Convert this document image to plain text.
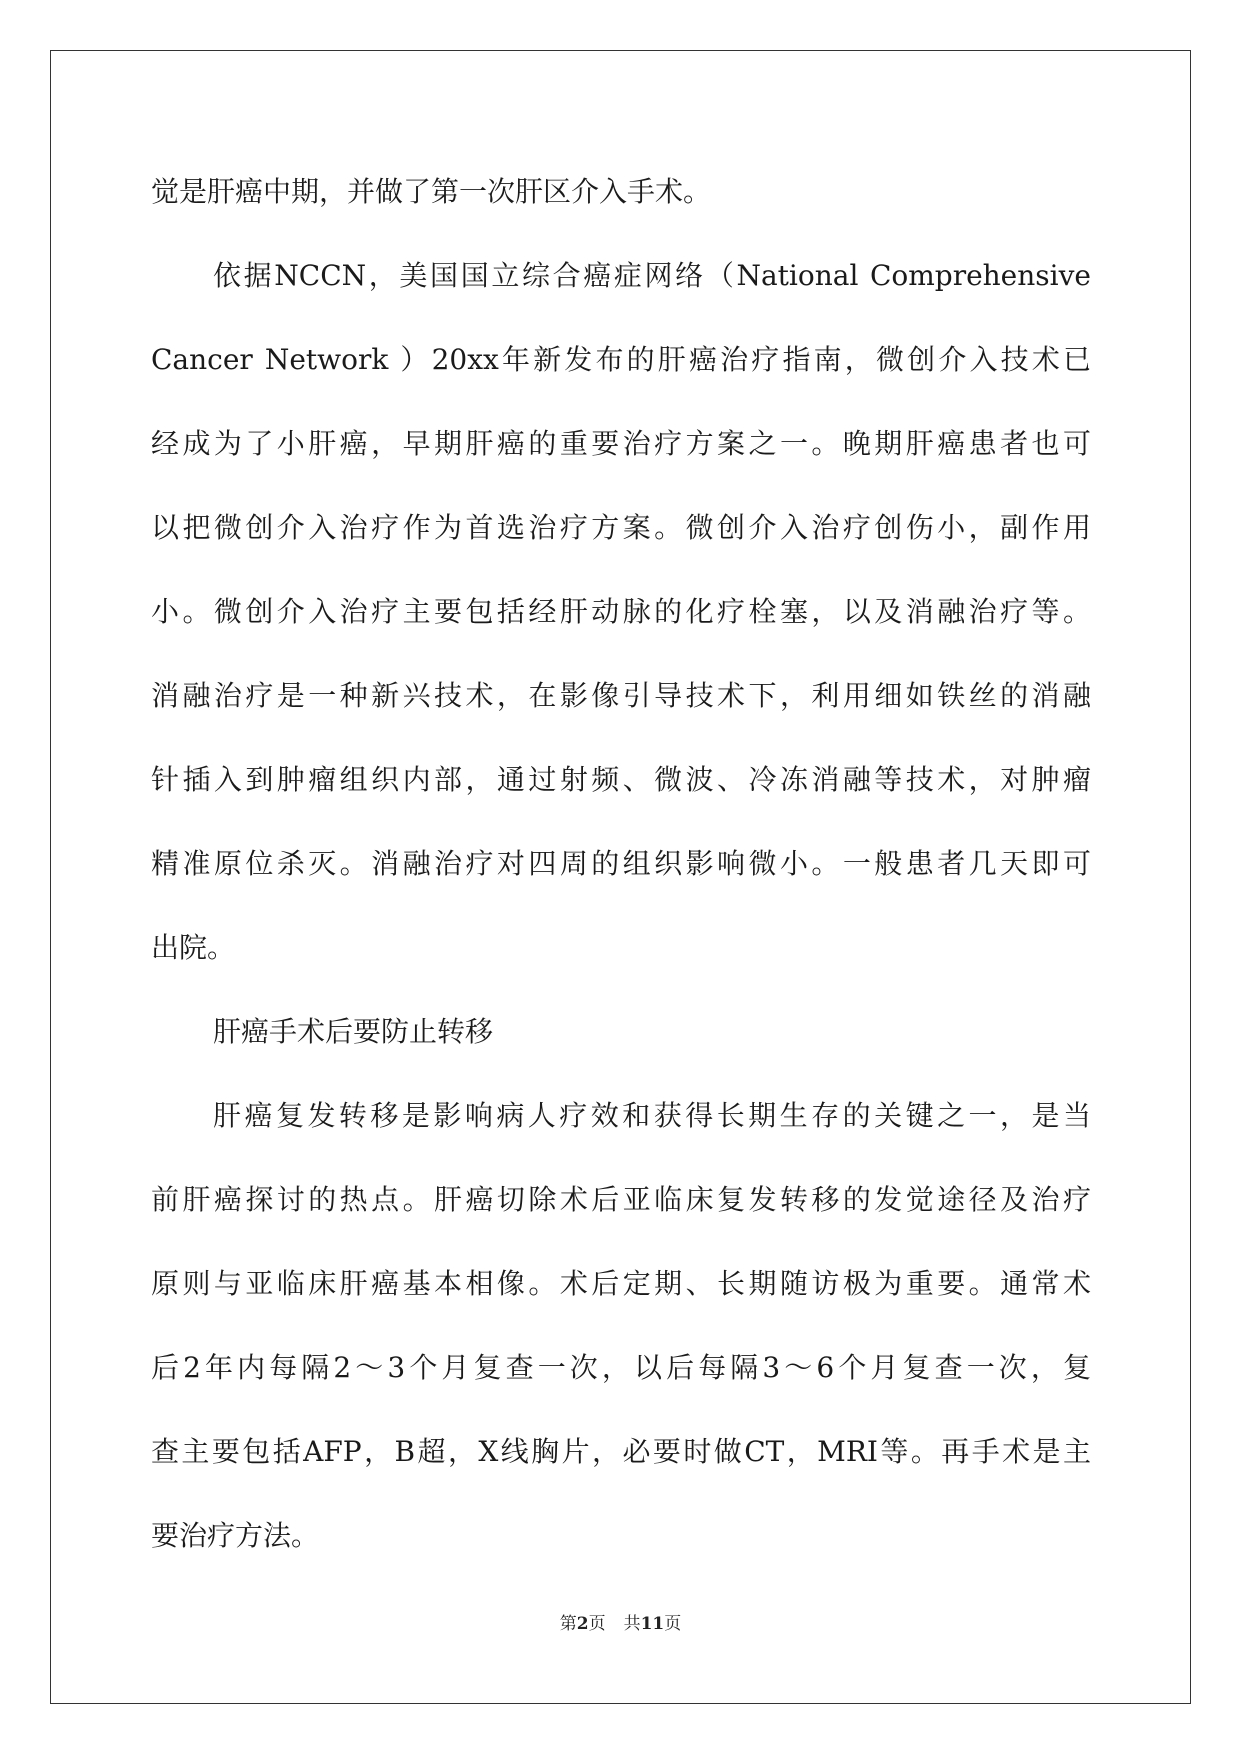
觉是肝癌中期，并做了第一次肝区介入手术。
依据NCCN，美国国立综合癌症网络（National Comprehensive
Cancer Network ）20xx年新发布的肝癌治疗指南，微创介入技术已
经成为了小肝癌，早期肝癌的重要治疗方案之一。晚期肝癌患者也可
以把微创介入治疗作为首选治疗方案。微创介入治疗创伤小，副作用
小。微创介入治疗主要包括经肝动脉的化疗栓塞，以及消融治疗等。
消融治疗是一种新兴技术，在影像引导技术下，利用细如铁丝的消融
针插入到肿瘤组织内部，通过射频、微波、冷冻消融等技术，对肿瘤
精准原位杀灭。消融治疗对四周的组织影响微小。一般患者几天即可
出院。
肝癌手术后要防止转移
肝癌复发转移是影响病人疗效和获得长期生存的关键之一，是当
前肝癌探讨的热点。肝癌切除术后亚临床复发转移的发觉途径及治疗
原则与亚临床肝癌基本相像。术后定期、长期随访极为重要。通常术
后2年内每隔2～3个月复查一次，以后每隔3～6个月复查一次，复
查主要包括AFP，B超，X线胸片，必要时做CT，MRI等。再手术是主
要治疗方法。
第2页 共11页
